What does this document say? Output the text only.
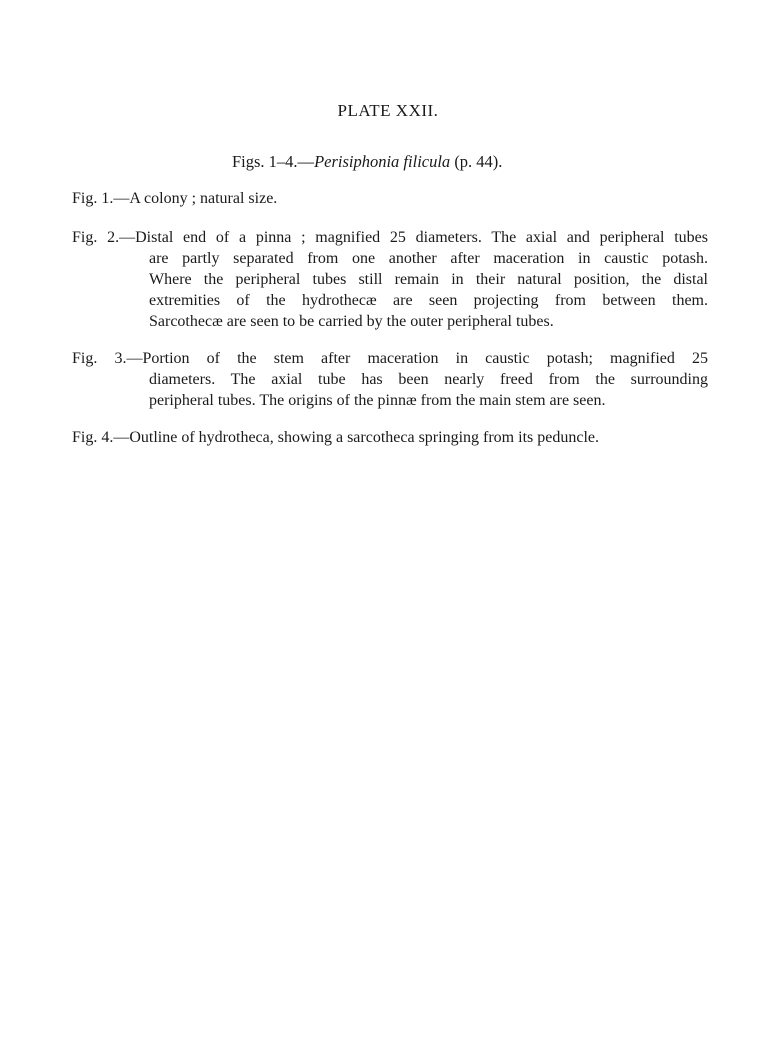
PLATE XXII.
Figs. 1–4.—Perisiphonia filicula (p. 44).
Fig. 1.—A colony ; natural size.
Fig. 2.—Distal end of a pinna ; magnified 25 diameters. The axial and peripheral tubes
are partly separated from one another after maceration in caustic potash.
Where the peripheral tubes still remain in their natural position, the distal
extremities of the hydrothecæ are seen projecting from between them.
Sarcothecæ are seen to be carried by the outer peripheral tubes.
Fig. 3.—Portion of the stem after maceration in caustic potash; magnified 25
diameters. The axial tube has been nearly freed from the surrounding
peripheral tubes. The origins of the pinnæ from the main stem are seen.
Fig. 4.—Outline of hydrotheca, showing a sarcotheca springing from its peduncle.
